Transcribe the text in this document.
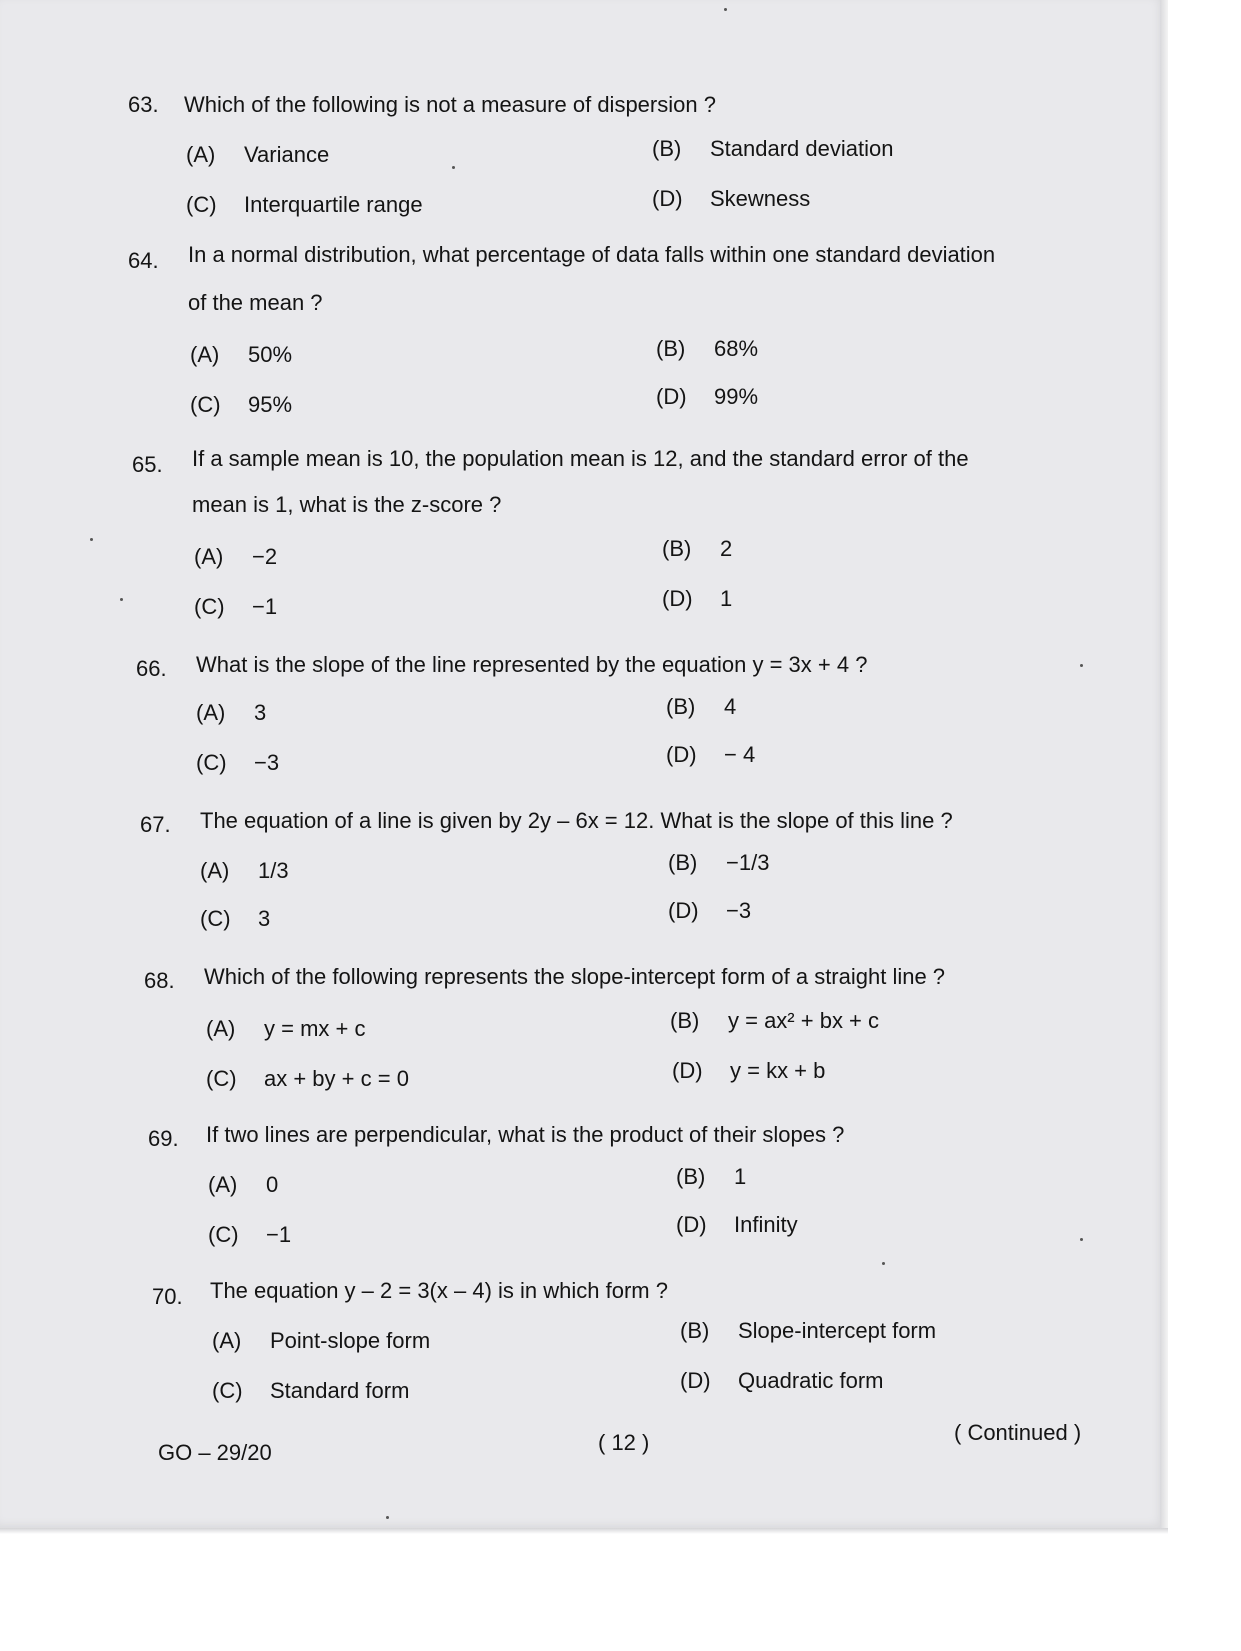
63. Which of the following is not a measure of dispersion ?
(A) Variance	(B) Standard deviation
(C) Interquartile range	(D) Skewness
64. In a normal distribution, what percentage of data falls within one standard deviation
of the mean ?
(A) 50%	(B) 68%
(C) 95%	(D) 99%
65. If a sample mean is 10, the population mean is 12, and the standard error of the
mean is 1, what is the z-score ?
(A) −2	(B) 2
(C) −1	(D) 1
66. What is the slope of the line represented by the equation y = 3x + 4 ?
(A) 3	(B) 4
(C) −3	(D) − 4
67. The equation of a line is given by 2y – 6x = 12. What is the slope of this line ?
(A) 1/3	(B) −1/3
(C) 3	(D) −3
68. Which of the following represents the slope-intercept form of a straight line ?
(A) y = mx + c	(B) y = ax² + bx + c
(C) ax + by + c = 0	(D) y = kx + b
69. If two lines are perpendicular, what is the product of their slopes ?
(A) 0	(B) 1
(C) −1	(D) Infinity
70. The equation y – 2 = 3(x – 4) is in which form ?
(A) Point-slope form	(B) Slope-intercept form
(C) Standard form	(D) Quadratic form
GO – 29/20	( 12 )	( Continued )
